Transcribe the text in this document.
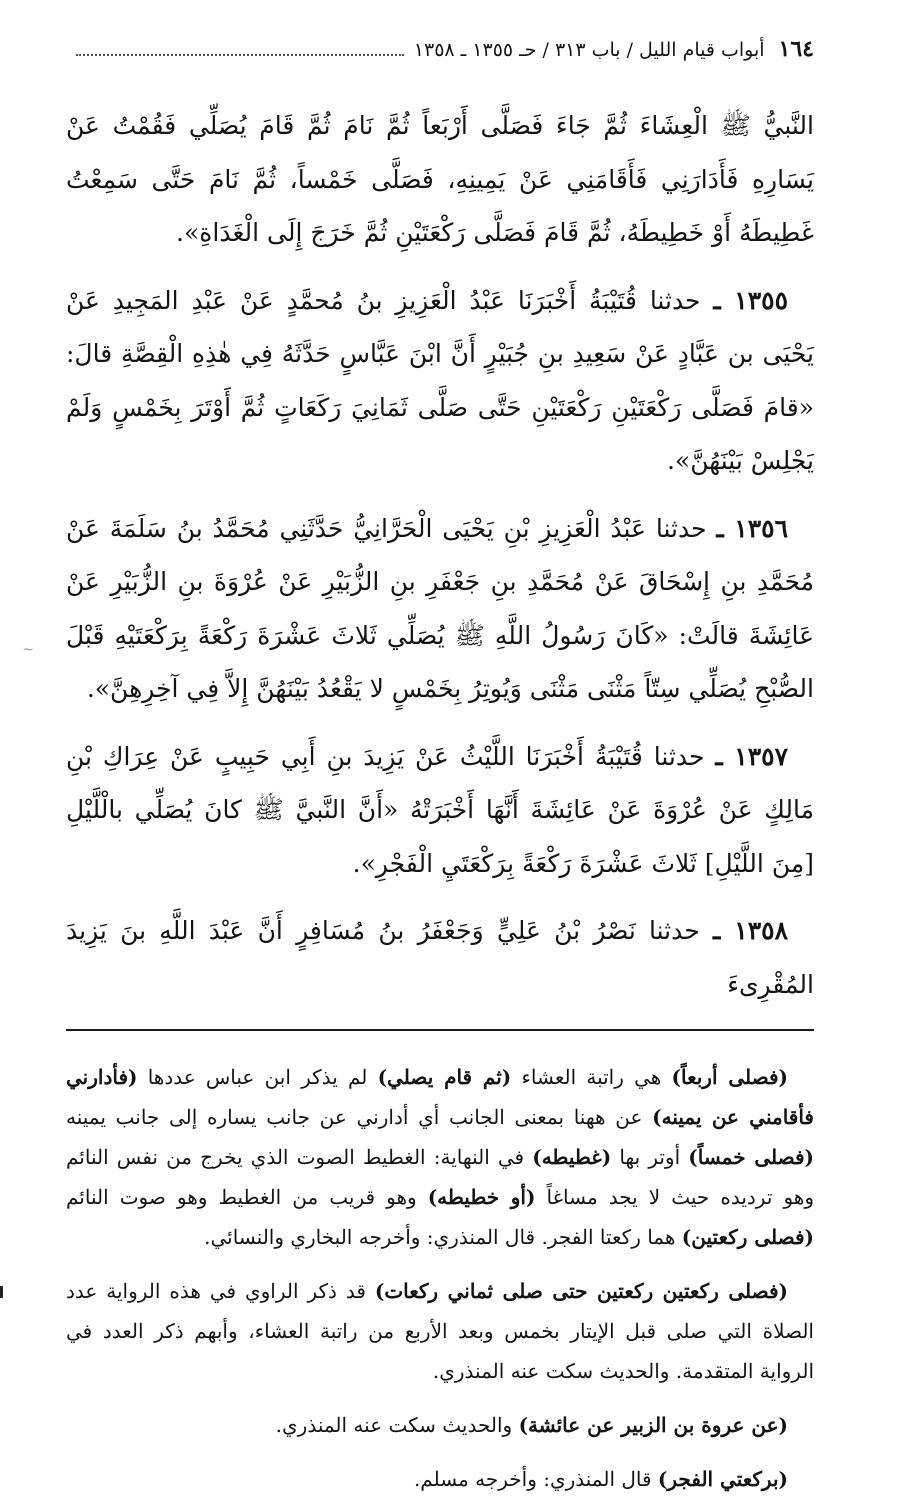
١٦٤
أبواب قيام الليل / باب ٣١٣ / حـ ١٣٥٥ ـ ١٣٥٨

النَّبيُّ ﷺ الْعِشَاءَ ثُمَّ جَاءَ فَصَلَّى أَرْبَعاً ثُمَّ نَامَ ثُمَّ قَامَ يُصَلِّي فَقُمْتُ عَنْ يَسَارِهِ فَأَدَارَنِي فَأَقَامَنِي عَنْ يَمِينِهِ، فَصَلَّى خَمْساً، ثُمَّ نَامَ حَتَّى سَمِعْتُ غَطِيطَهُ أَوْ خَطِيطَهُ، ثُمَّ قَامَ فَصَلَّى رَكْعَتَيْنِ ثُمَّ خَرَجَ إِلَى الْغَدَاةِ».

١٣٥٥ ـ حدثنا قُتَيْبَةُ أَخْبَرَنَا عَبْدُ الْعَزِيزِ بنُ مُحمَّدٍ عَنْ عَبْدِ المَجِيدِ عَنْ يَحْيَى بن عَبَّادٍ عَنْ سَعِيدِ بنِ جُبَيْرٍ أَنَّ ابْنَ عَبَّاسٍ حَدَّثَهُ فِي هٰذِهِ الْقِصَّةِ قالَ: «قامَ فَصَلَّى رَكْعَتَيْنِ رَكْعَتَيْنِ حَتَّى صَلَّى ثَمَانِيَ رَكَعَاتٍ ثُمَّ أَوْتَرَ بِخَمْسٍ وَلَمْ يَجْلِسْ بَيْنَهُنَّ».

١٣٥٦ ـ حدثنا عَبْدُ الْعَزِيزِ بْنِ يَحْيَى الْحَرَّانِيُّ حَدَّثَنِي مُحَمَّدُ بنُ سَلَمَةَ عَنْ مُحَمَّدِ بنِ إِسْحَاقَ عَنْ مُحَمَّدِ بنِ جَعْفَرِ بنِ الزُّبَيْرِ عَنْ عُرْوَةَ بنِ الزُّبَيْرِ عَنْ عَائِشَةَ قالَتْ: «كَانَ رَسُولُ اللَّهِ ﷺ يُصَلِّي ثَلاثَ عَشْرَةَ رَكْعَةً بِرَكْعَتَيْهِ قَبْلَ الصُّبْحِ يُصَلِّي سِتّاً مَثْنَى مَثْنَى وَيُوتِرُ بِخَمْسٍ لا يَقْعُدُ بَيْنَهُنَّ إِلاَّ فِي آخِرِهِنَّ».

١٣٥٧ ـ حدثنا قُتَيْبَةُ أَخْبَرَنَا اللَّيْثُ عَنْ يَزِيدَ بنِ أَبِي حَبِيبٍ عَنْ عِرَاكِ بْنِ مَالِكٍ عَنْ عُرْوَةَ عَنْ عَائِشَةَ أَنَّهَا أَخْبَرَتْهُ «أَنَّ النَّبيَّ ﷺ كانَ يُصَلِّي بالْلَّيْلِ [مِنَ اللَّيْلِ] ثَلاثَ عَشْرَةَ رَكْعَةً بِرَكْعَتَيِ الْفَجْرِ».

١٣٥٨ ـ حدثنا نَصْرُ بْنُ عَلِيٍّ وَجَعْفَرُ بنُ مُسَافِرٍ أَنَّ عَبْدَ اللَّهِ بنَ يَزِيدَ المُقْرِىءَ

(فصلى أربعاً) هي راتبة العشاء (ثم قام يصلي) لم يذكر ابن عباس عددها (فأدارني فأقامني عن يمينه) عن ههنا بمعنى الجانب أي أدارني عن جانب يساره إلى جانب يمينه (فصلى خمساً) أوتر بها (غطيطه) في النهاية: الغطيط الصوت الذي يخرج من نفس النائم وهو ترديده حيث لا يجد مساغاً (أو خطيطه) وهو قريب من الغطيط وهو صوت النائم (فصلى ركعتين) هما ركعتا الفجر. قال المنذري: وأخرجه البخاري والنسائي.

(فصلى ركعتين ركعتين حتى صلى ثماني ركعات) قد ذكر الراوي في هذه الرواية عدد الصلاة التي صلى قبل الإيتار بخمس وبعد الأربع من راتبة العشاء، وأبهم ذكر العدد في الرواية المتقدمة. والحديث سكت عنه المنذري.

(عن عروة بن الزبير عن عائشة) والحديث سكت عنه المنذري.

(بركعتي الفجر) قال المنذري: وأخرجه مسلم.

~
